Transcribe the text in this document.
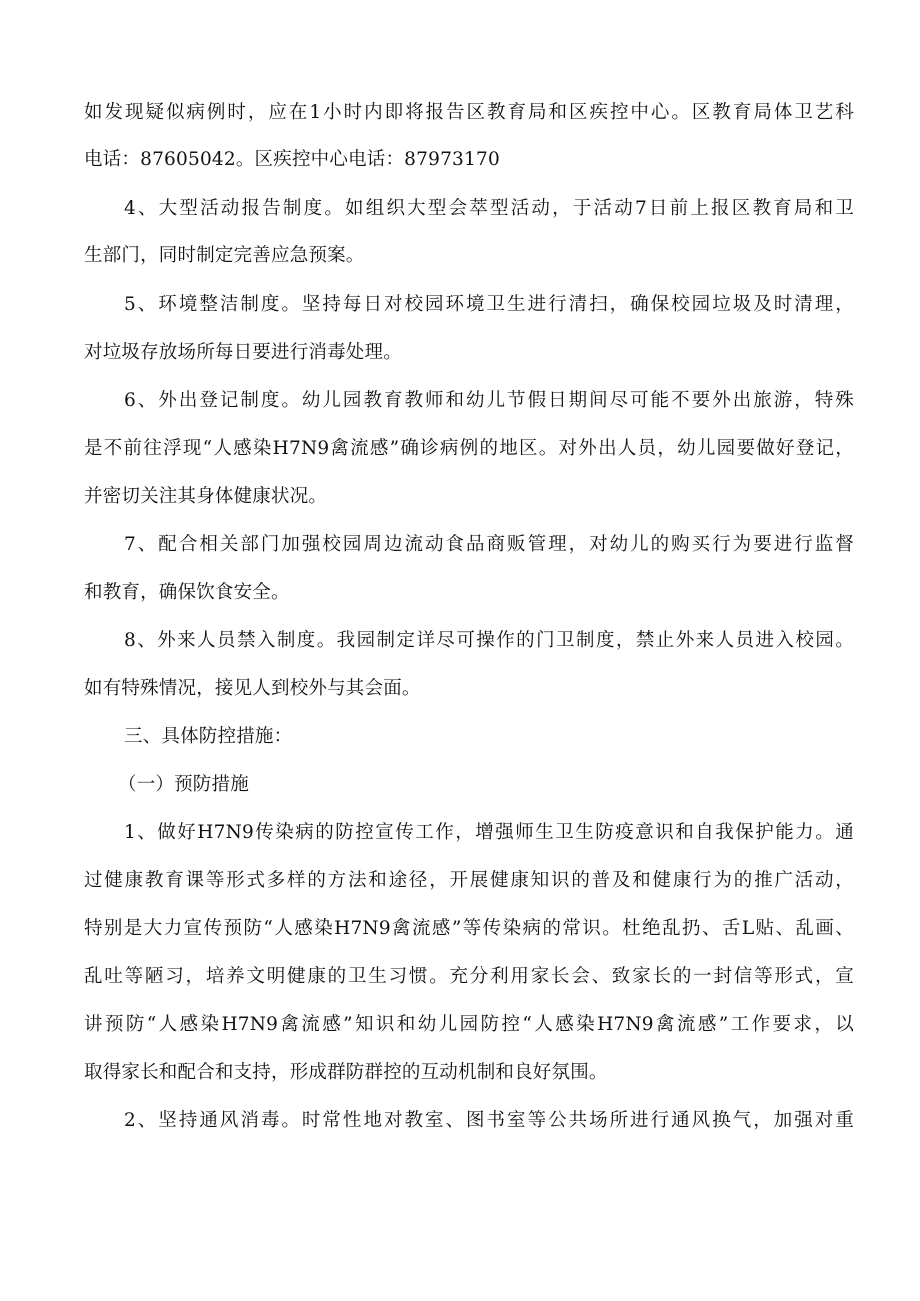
如发现疑似病例时，应在1小时内即将报告区教育局和区疾控中心。区教育局体卫艺科
电话：87605042。区疾控中心电话：87973170
4、大型活动报告制度。如组织大型会萃型活动，于活动7日前上报区教育局和卫
生部门，同时制定完善应急预案。
5、环境整洁制度。坚持每日对校园环境卫生进行清扫，确保校园垃圾及时清理，
对垃圾存放场所每日要进行消毒处理。
6、外出登记制度。幼儿园教育教师和幼儿节假日期间尽可能不要外出旅游，特殊
是不前往浮现“人感染H7N9禽流感”确诊病例的地区。对外出人员，幼儿园要做好登记，
并密切关注其身体健康状况。
7、配合相关部门加强校园周边流动食品商贩管理，对幼儿的购买行为要进行监督
和教育，确保饮食安全。
8、外来人员禁入制度。我园制定详尽可操作的门卫制度，禁止外来人员进入校园。
如有特殊情况，接见人到校外与其会面。
三、具体防控措施：
（一）预防措施
1、做好H7N9传染病的防控宣传工作，增强师生卫生防疫意识和自我保护能力。通
过健康教育课等形式多样的方法和途径，开展健康知识的普及和健康行为的推广活动，
特别是大力宣传预防“人感染H7N9禽流感”等传染病的常识。杜绝乱扔、舌L贴、乱画、
乱吐等陋习，培养文明健康的卫生习惯。充分利用家长会、致家长的一封信等形式，宣
讲预防“人感染H7N9禽流感”知识和幼儿园防控“人感染H7N9禽流感”工作要求，以
取得家长和配合和支持，形成群防群控的互动机制和良好氛围。
2、坚持通风消毒。时常性地对教室、图书室等公共场所进行通风换气，加强对重
